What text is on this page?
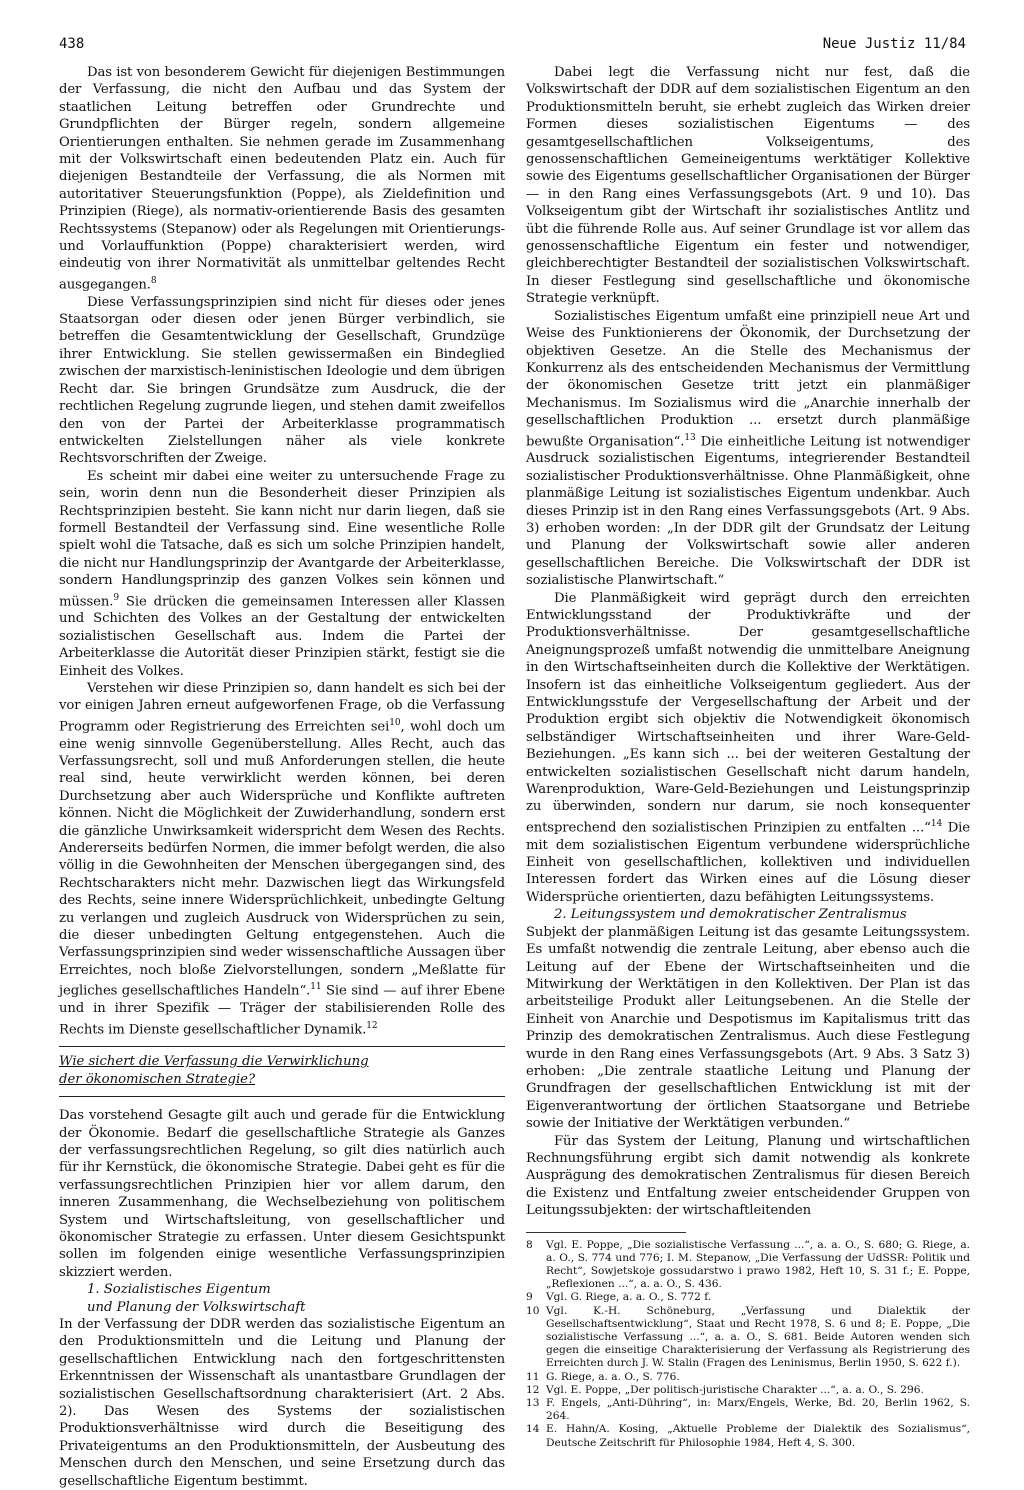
438	Neue Justiz 11/84

Das ist von besonderem Gewicht für diejenigen Bestimmungen der Verfassung, die nicht den Aufbau und das System der staatlichen Leitung betreffen oder Grundrechte und Grundpflichten der Bürger regeln, sondern allgemeine Orientierungen enthalten. Sie nehmen gerade im Zusammenhang mit der Volkswirtschaft einen bedeutenden Platz ein. Auch für diejenigen Bestandteile der Verfassung, die als Normen mit autoritativer Steuerungsfunktion (Poppe), als Zieldefinition und Prinzipien (Riege), als normativ-orientierende Basis des gesamten Rechtssystems (Stepanow) oder als Regelungen mit Orientierungs- und Vorlauffunktion (Poppe) charakterisiert werden, wird eindeutig von ihrer Normativität als unmittelbar geltendes Recht ausgegangen.$^8$

Diese Verfassungsprinzipien sind nicht für dieses oder jenes Staatsorgan oder diesen oder jenen Bürger verbindlich, sie betreffen die Gesamtentwicklung der Gesellschaft, Grundzüge ihrer Entwicklung. Sie stellen gewissermaßen ein Bindeglied zwischen der marxistisch-leninistischen Ideologie und dem übrigen Recht dar. Sie bringen Grundsätze zum Ausdruck, die der rechtlichen Regelung zugrunde liegen, und stehen damit zweifellos den von der Partei der Arbeiterklasse programmatisch entwickelten Zielstellungen näher als viele konkrete Rechtsvorschriften der Zweige.

Es scheint mir dabei eine weiter zu untersuchende Frage zu sein, worin denn nun die Besonderheit dieser Prinzipien als Rechtsprinzipien besteht. Sie kann nicht nur darin liegen, daß sie formell Bestandteil der Verfassung sind. Eine wesentliche Rolle spielt wohl die Tatsache, daß es sich um solche Prinzipien handelt, die nicht nur Handlungsprinzip der Avantgarde der Arbeiterklasse, sondern Handlungsprinzip des ganzen Volkes sein können und müssen.$^9$ Sie drücken die gemeinsamen Interessen aller Klassen und Schichten des Volkes an der Gestaltung der entwickelten sozialistischen Gesellschaft aus. Indem die Partei der Arbeiterklasse die Autorität dieser Prinzipien stärkt, festigt sie die Einheit des Volkes.

Verstehen wir diese Prinzipien so, dann handelt es sich bei der vor einigen Jahren erneut aufgeworfenen Frage, ob die Verfassung Programm oder Registrierung des Erreichten sei$^{10}$, wohl doch um eine wenig sinnvolle Gegenüberstellung. Alles Recht, auch das Verfassungsrecht, soll und muß Anforderungen stellen, die heute real sind, heute verwirklicht werden können, bei deren Durchsetzung aber auch Widersprüche und Konflikte auftreten können. Nicht die Möglichkeit der Zuwiderhandlung, sondern erst die gänzliche Unwirksamkeit widerspricht dem Wesen des Rechts. Andererseits bedürfen Normen, die immer befolgt werden, die also völlig in die Gewohnheiten der Menschen übergegangen sind, des Rechtscharakters nicht mehr. Dazwischen liegt das Wirkungsfeld des Rechts, seine innere Widersprüchlichkeit, unbedingte Geltung zu verlangen und zugleich Ausdruck von Widersprüchen zu sein, die dieser unbedingten Geltung entgegenstehen. Auch die Verfassungsprinzipien sind weder wissenschaftliche Aussagen über Erreichtes, noch bloße Zielvorstellungen, sondern „Meßlatte für jegliches gesellschaftliches Handeln“.$^{11}$ Sie sind — auf ihrer Ebene und in ihrer Spezifik — Träger der stabilisierenden Rolle des Rechts im Dienste gesellschaftlicher Dynamik.$^{12}$

Wie sichert die Verfassung die Verwirklichung
der ökonomischen Strategie?

Das vorstehend Gesagte gilt auch und gerade für die Entwicklung der Ökonomie. Bedarf die gesellschaftliche Strategie als Ganzes der verfassungsrechtlichen Regelung, so gilt dies natürlich auch für ihr Kernstück, die ökonomische Strategie. Dabei geht es für die verfassungsrechtlichen Prinzipien hier vor allem darum, den inneren Zusammenhang, die Wechselbeziehung von politischem System und Wirtschaftsleitung, von gesellschaftlicher und ökonomischer Strategie zu erfassen. Unter diesem Gesichtspunkt sollen im folgenden einige wesentliche Verfassungsprinzipien skizziert werden.

1. Sozialistisches Eigentum
und Planung der Volkswirtschaft

In der Verfassung der DDR werden das sozialistische Eigentum an den Produktionsmitteln und die Leitung und Planung der gesellschaftlichen Entwicklung nach den fortgeschrittensten Erkenntnissen der Wissenschaft als unantastbare Grundlagen der sozialistischen Gesellschaftsordnung charakterisiert (Art. 2 Abs. 2). Das Wesen des Systems der sozialistischen Produktionsverhältnisse wird durch die Beseitigung des Privateigentums an den Produktionsmitteln, der Ausbeutung des Menschen durch den Menschen, und seine Ersetzung durch das gesellschaftliche Eigentum bestimmt.

Dabei legt die Verfassung nicht nur fest, daß die Volkswirtschaft der DDR auf dem sozialistischen Eigentum an den Produktionsmitteln beruht, sie erhebt zugleich das Wirken dreier Formen dieses sozialistischen Eigentums — des gesamtgesellschaftlichen Volkseigentums, des genossenschaftlichen Gemeineigentums werktätiger Kollektive sowie des Eigentums gesellschaftlicher Organisationen der Bürger — in den Rang eines Verfassungsgebots (Art. 9 und 10). Das Volkseigentum gibt der Wirtschaft ihr sozialistisches Antlitz und übt die führende Rolle aus. Auf seiner Grundlage ist vor allem das genossenschaftliche Eigentum ein fester und notwendiger, gleichberechtigter Bestandteil der sozialistischen Volkswirtschaft. In dieser Festlegung sind gesellschaftliche und ökonomische Strategie verknüpft.

Sozialistisches Eigentum umfaßt eine prinzipiell neue Art und Weise des Funktionierens der Ökonomik, der Durchsetzung der objektiven Gesetze. An die Stelle des Mechanismus der Konkurrenz als des entscheidenden Mechanismus der Vermittlung der ökonomischen Gesetze tritt jetzt ein planmäßiger Mechanismus. Im Sozialismus wird die „Anarchie innerhalb der gesellschaftlichen Produktion ... ersetzt durch planmäßige bewußte Organisation“.$^{13}$ Die einheitliche Leitung ist notwendiger Ausdruck sozialistischen Eigentums, integrierender Bestandteil sozialistischer Produktionsverhältnisse. Ohne Planmäßigkeit, ohne planmäßige Leitung ist sozialistisches Eigentum undenkbar. Auch dieses Prinzip ist in den Rang eines Verfassungsgebots (Art. 9 Abs. 3) erhoben worden: „In der DDR gilt der Grundsatz der Leitung und Planung der Volkswirtschaft sowie aller anderen gesellschaftlichen Bereiche. Die Volkswirtschaft der DDR ist sozialistische Planwirtschaft.“

Die Planmäßigkeit wird geprägt durch den erreichten Entwicklungsstand der Produktivkräfte und der Produktionsverhältnisse. Der gesamtgesellschaftliche Aneignungsprozeß umfaßt notwendig die unmittelbare Aneignung in den Wirtschaftseinheiten durch die Kollektive der Werktätigen. Insofern ist das einheitliche Volkseigentum gegliedert. Aus der Entwicklungsstufe der Vergesellschaftung der Arbeit und der Produktion ergibt sich objektiv die Notwendigkeit ökonomisch selbständiger Wirtschaftseinheiten und ihrer Ware-Geld-Beziehungen. „Es kann sich ... bei der weiteren Gestaltung der entwickelten sozialistischen Gesellschaft nicht darum handeln, Warenproduktion, Ware-Geld-Beziehungen und Leistungsprinzip zu überwinden, sondern nur darum, sie noch konsequenter entsprechend den sozialistischen Prinzipien zu entfalten ...“$^{14}$ Die mit dem sozialistischen Eigentum verbundene widersprüchliche Einheit von gesellschaftlichen, kollektiven und individuellen Interessen fordert das Wirken eines auf die Lösung dieser Widersprüche orientierten, dazu befähigten Leitungssystems.

2. Leitungssystem und demokratischer Zentralismus

Subjekt der planmäßigen Leitung ist das gesamte Leitungssystem. Es umfaßt notwendig die zentrale Leitung, aber ebenso auch die Leitung auf der Ebene der Wirtschaftseinheiten und die Mitwirkung der Werktätigen in den Kollektiven. Der Plan ist das arbeitsteilige Produkt aller Leitungsebenen. An die Stelle der Einheit von Anarchie und Despotismus im Kapitalismus tritt das Prinzip des demokratischen Zentralismus. Auch diese Festlegung wurde in den Rang eines Verfassungsgebots (Art. 9 Abs. 3 Satz 3) erhoben: „Die zentrale staatliche Leitung und Planung der Grundfragen der gesellschaftlichen Entwicklung ist mit der Eigenverantwortung der örtlichen Staatsorgane und Betriebe sowie der Initiative der Werktätigen verbunden.“

Für das System der Leitung, Planung und wirtschaftlichen Rechnungsführung ergibt sich damit notwendig als konkrete Ausprägung des demokratischen Zentralismus für diesen Bereich die Existenz und Entfaltung zweier entscheidender Gruppen von Leitungssubjekten: der wirtschaftleitenden

8	Vgl. E. Poppe, „Die sozialistische Verfassung ...“, a. a. O., S. 680; G. Riege, a. a. O., S. 774 und 776; I. M. Stepanow, „Die Verfassung der UdSSR: Politik und Recht“, Sowjetskoje gossudarstwo i prawo 1982, Heft 10, S. 31 f.; E. Poppe, „Reflexionen ...“, a. a. O., S. 436.
9	Vgl. G. Riege, a. a. O., S. 772 f.
10 Vgl. K.-H. Schöneburg, „Verfassung und Dialektik der Gesellschaftsentwicklung“, Staat und Recht 1978, S. 6 und 8; E. Poppe, „Die sozialistische Verfassung ...“, a. a. O., S. 681. Beide Autoren wenden sich gegen die einseitige Charakterisierung der Verfassung als Registrierung des Erreichten durch J. W. Stalin (Fragen des Leninismus, Berlin 1950, S. 622 f.).
11 G. Riege, a. a. O., S. 776.
12 Vgl. E. Poppe, „Der politisch-juristische Charakter ...“, a. a. O., S. 296.
13 F. Engels, „Anti-Dühring“, in: Marx/Engels, Werke, Bd. 20, Berlin 1962, S. 264.
14 E. Hahn/A. Kosing, „Aktuelle Probleme der Dialektik des Sozialismus“, Deutsche Zeitschrift für Philosophie 1984, Heft 4, S. 300.
